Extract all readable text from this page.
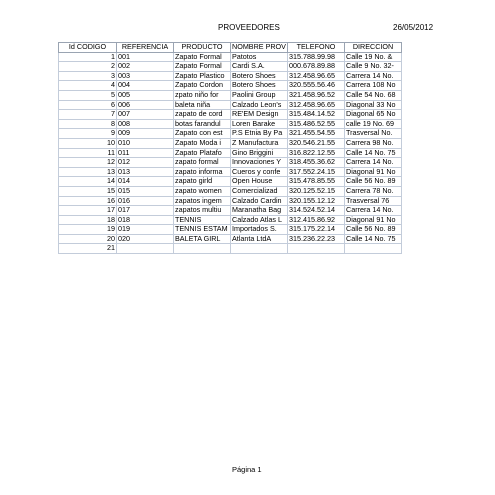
PROVEEDORES	26/05/2012
Id CODIGO	REFERENCIA	PRODUCTO	NOMBRE PROV	TELEFONO	DIRECCION
1	001	Zapato Formal	Patotos	315.788.99.98	Calle 19 No. &
2	002	Zapato Formal	Cardi S.A.	000.678.89.88	Calle 9 No. 32-
3	003	Zapato Plastico	Botero Shoes	312.458.96.65	Carrera 14 No.
4	004	Zapato Cordon	Botero Shoes	320.555.56.46	Carrera 108 No
5	005	zpato niño for	Paolini Group	321.458.96.52	Calle 54 No. 68
6	006	baleta niña	Calzado Leon's	312.458.96.65	Diagonal 33 No
7	007	zapato de cord	RE'EM Design	315.484.14.52	Diagonal 65 No
8	008	botas farandul	Loren Barake	315.486.52.55	calle 19 No. 69
9	009	Zapato con est	P.S Etnia By Pa	321.455.54.55	Trasversal No.
10	010	Zapato Moda i	Z Manufactura	320.546.21.55	Carrera 98 No.
11	011	Zapato Platafo	Gino Briggini	316.822.12.55	Calle 14 No. 75
12	012	zapato formal	Innovaciones Y	318.455.36.62	Carrera 14 No.
13	013	zapato informa	Cueros y confe	317.552.24.15	Diagonal 91 No
14	014	zapato girld	Open House	315.478.85.55	Calle 56 No. 89
15	015	zapato women	Comercializad	320.125.52.15	Carrera 78 No.
16	016	zapatos ingem	Calzado Cardin	320.155.12.12	Trasversal 76
17	017	zapatos multiu	Maranatha Bag	314.524.52.14	Carrera 14 No.
18	018	TENNIS	Calzado Atlas L	312.415.86.92	Diagonal 91 No
19	019	TENNIS ESTAM	Importados S.	315.175.22.14	Calle 56 No. 89
20	020	BALETA GIRL	Atlanta LtdA	315.236.22.23	Calle 14 No. 75
21					
Página 1
